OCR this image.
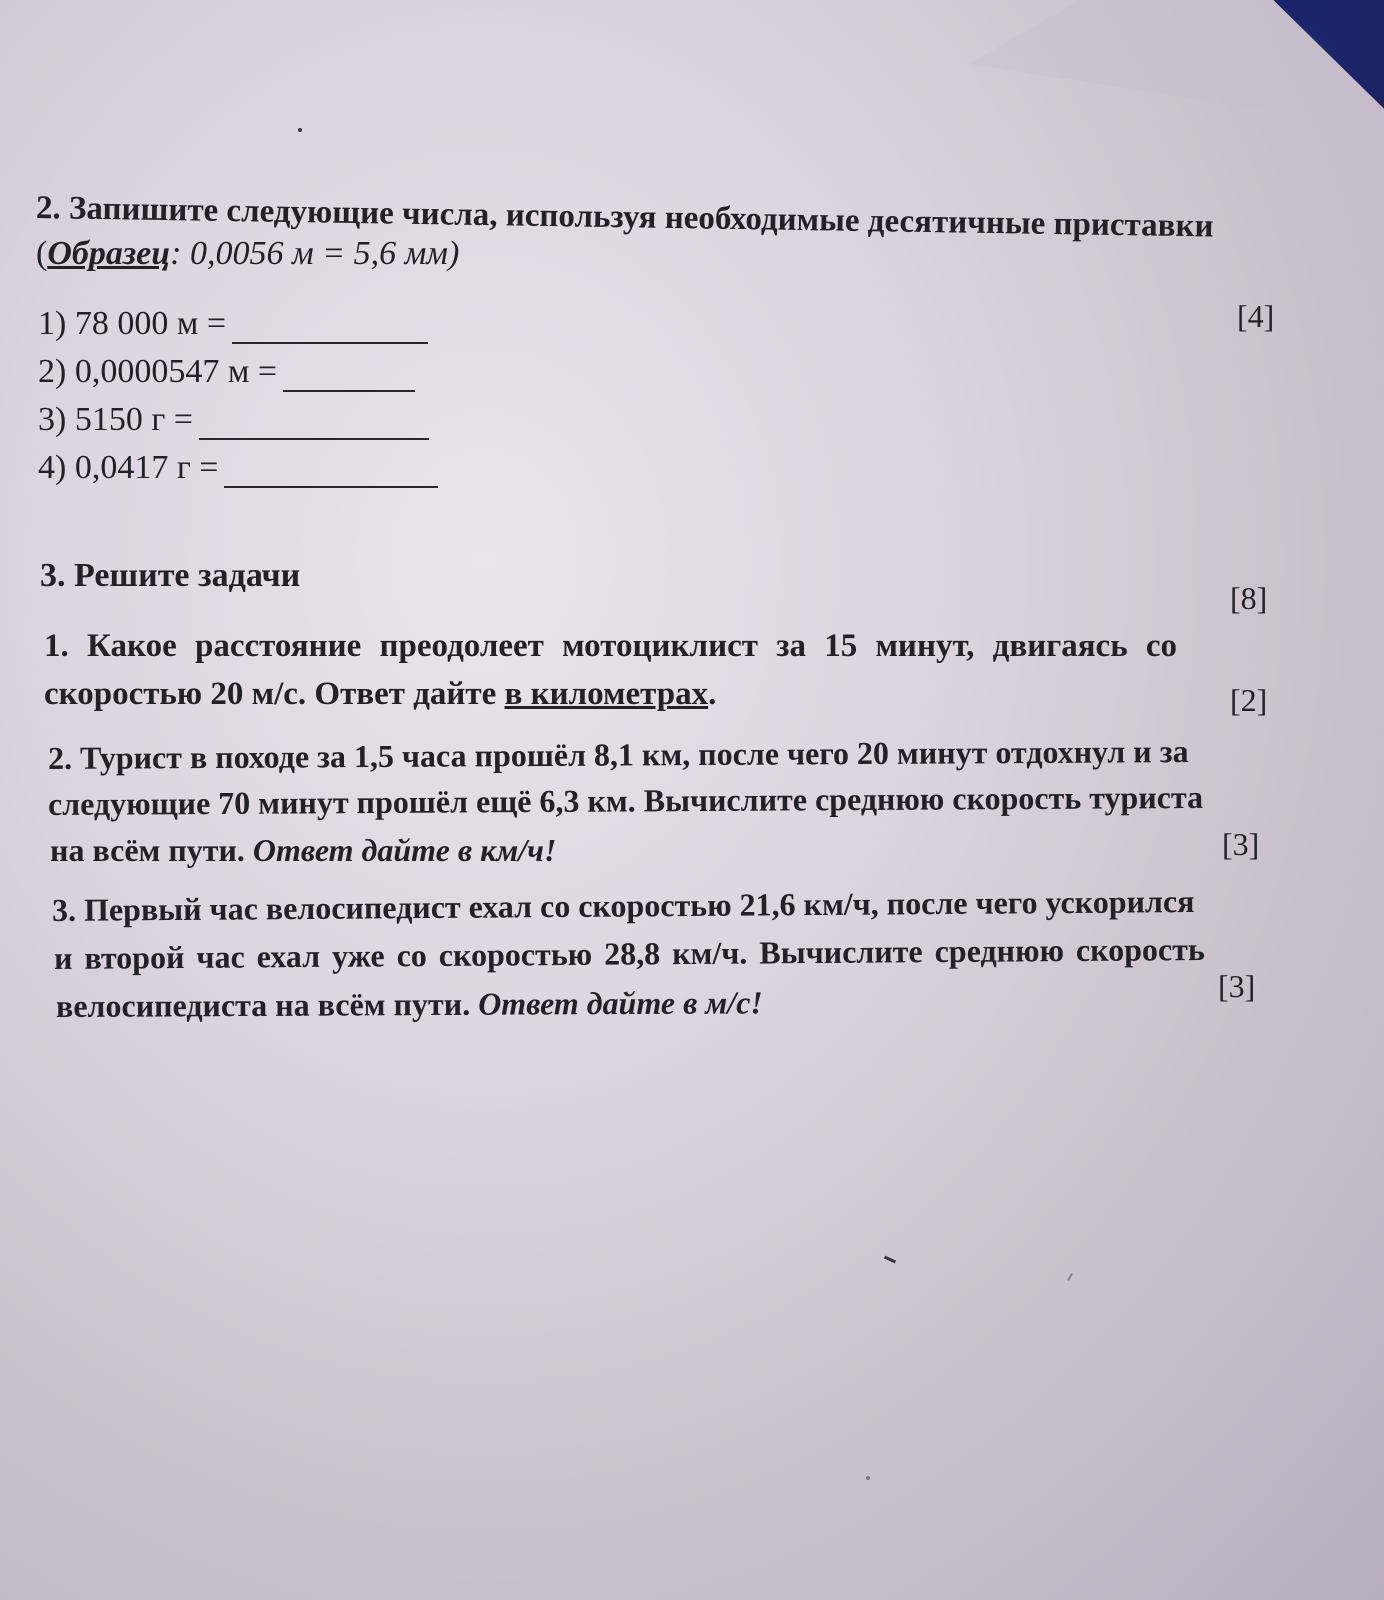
2. Запишите следующие числа, используя необходимые десятичные приставки
(Образец: 0,0056 м = 5,6 мм)
[4]
1) 78 000 м =
2) 0,0000547 м =
3) 5150 г =
4) 0,0417 г =
3. Решите задачи
[8]
1. Какое расстояние преодолеет мотоциклист за 15 минут, двигаясь со
скоростью 20 м/с. Ответ дайте в километрах.	[2]
2. Турист в походе за 1,5 часа прошёл 8,1 км, после чего 20 минут отдохнул и за
следующие 70 минут прошёл ещё 6,3 км. Вычислите среднюю скорость туриста
на всём пути. Ответ дайте в км/ч!	[3]
3. Первый час велосипедист ехал со скоростью 21,6 км/ч, после чего ускорился
и второй час ехал уже со скоростью 28,8 км/ч. Вычислите среднюю скорость
велосипедиста на всём пути. Ответ дайте в м/с!	[3]
